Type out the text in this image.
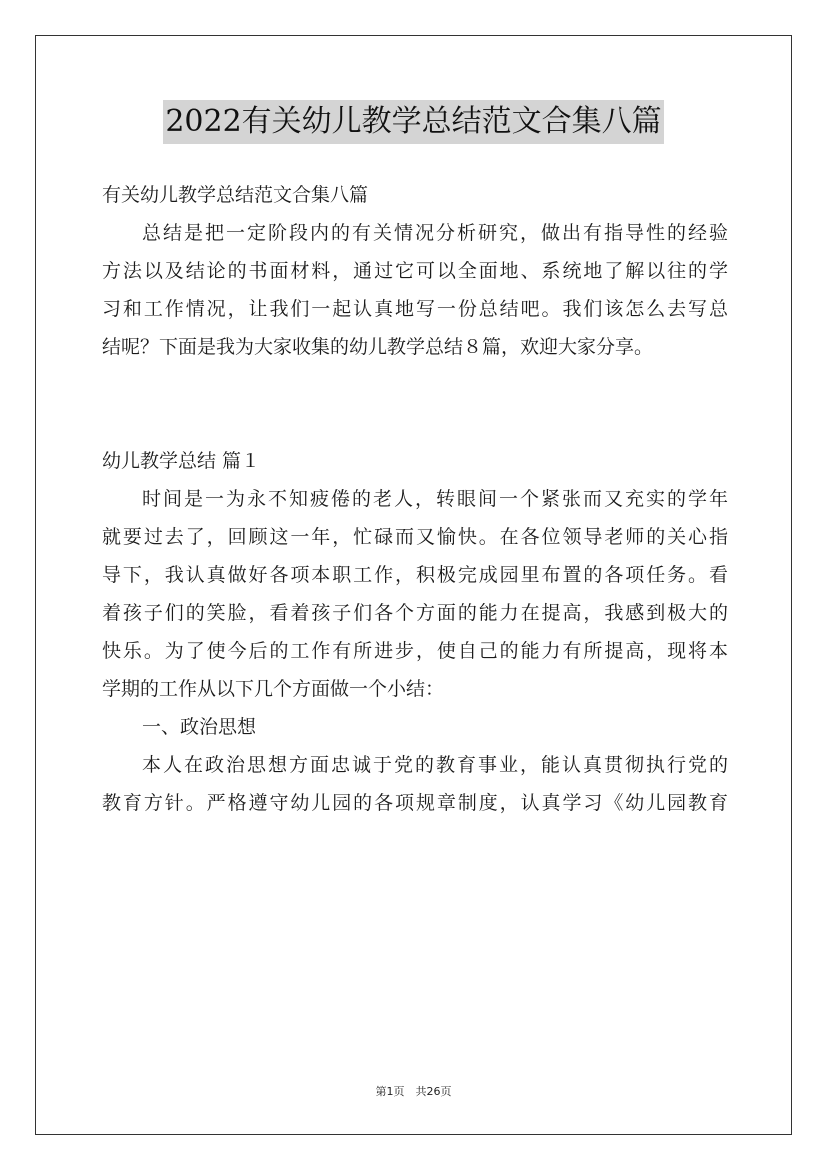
2022有关幼儿教学总结范文合集八篇
有关幼儿教学总结范文合集八篇
总结是把一定阶段内的有关情况分析研究，做出有指导性的经验
方法以及结论的书面材料，通过它可以全面地、系统地了解以往的学
习和工作情况，让我们一起认真地写一份总结吧。我们该怎么去写总
结呢？下面是我为大家收集的幼儿教学总结８篇，欢迎大家分享。
幼儿教学总结 篇１
时间是一为永不知疲倦的老人，转眼间一个紧张而又充实的学年
就要过去了，回顾这一年，忙碌而又愉快。在各位领导老师的关心指
导下，我认真做好各项本职工作，积极完成园里布置的各项任务。看
着孩子们的笑脸，看着孩子们各个方面的能力在提高，我感到极大的
快乐。为了使今后的工作有所进步，使自己的能力有所提高，现将本
学期的工作从以下几个方面做一个小结：
一、政治思想
本人在政治思想方面忠诚于党的教育事业，能认真贯彻执行党的
教育方针。严格遵守幼儿园的各项规章制度，认真学习《幼儿园教育
第1页　共26页
